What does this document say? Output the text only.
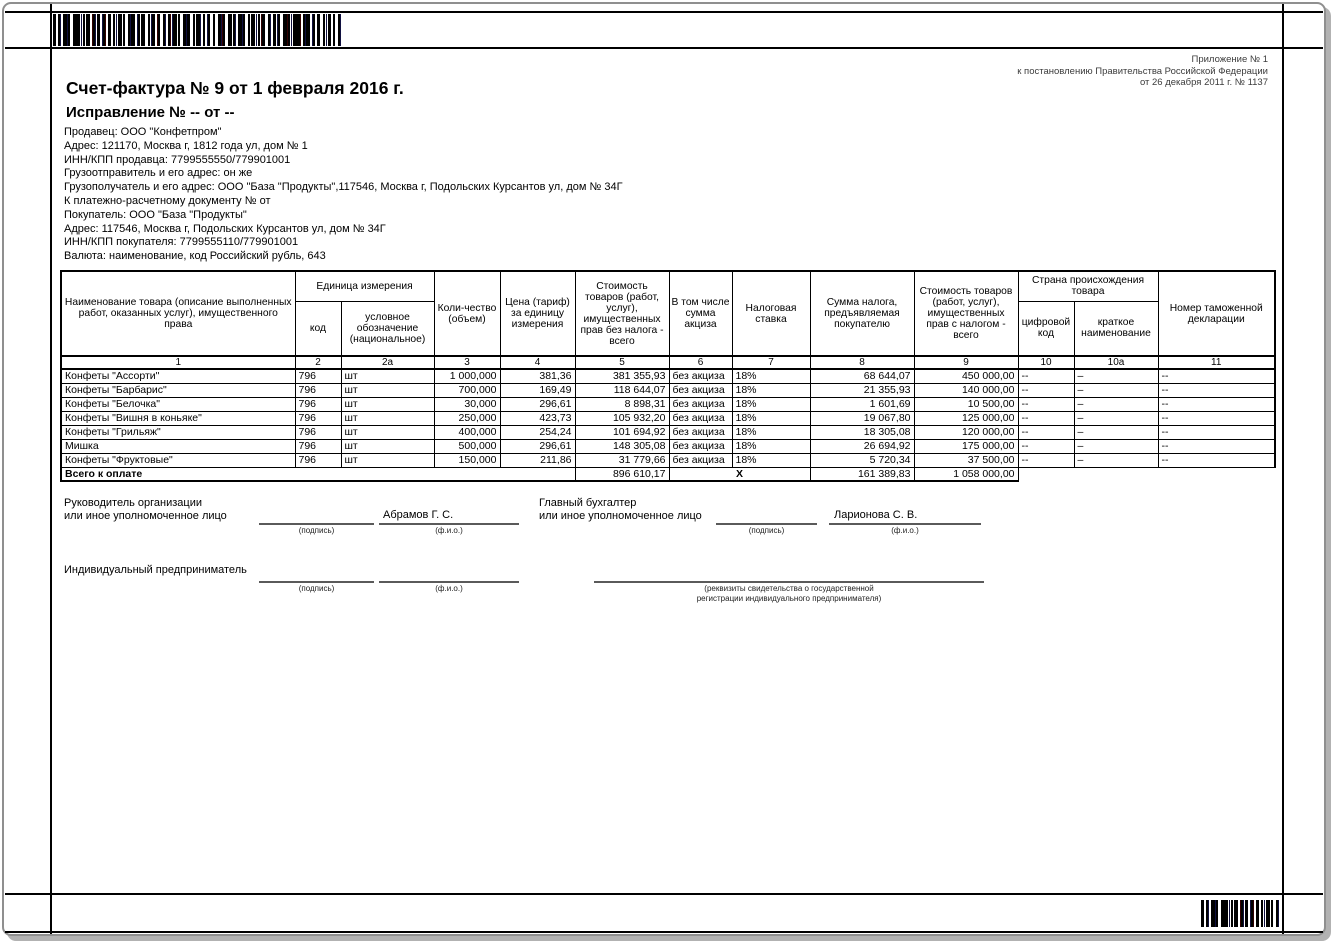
Приложение № 1
к постановлению Правительства Российской Федерации
от 26 декабря 2011 г. № 1137
Счет-фактура № 9 от 1 февраля 2016 г.
Исправление № -- от --
Продавец: ООО "Конфетпром"
Адрес: 121170, Москва г, 1812 года ул, дом № 1
ИНН/КПП продавца: 7799555550/779901001
Грузоотправитель и его адрес: он же
Грузополучатель и его адрес: ООО "База "Продукты",117546, Москва г, Подольских Курсантов ул, дом № 34Г
К платежно-расчетному документу № от
Покупатель: ООО "База "Продукты"
Адрес: 117546, Москва г, Подольских Курсантов ул, дом № 34Г
ИНН/КПП покупателя: 7799555110/779901001
Валюта: наименование, код Российский рубль, 643
Наименование товара (описание выполненных работ, оказанных услуг), имущественного права	Единица измерения		Коли-чество (объем)	Цена (тариф) за единицу измерения	Стоимость товаров (работ, услуг), имущественных прав без налога - всего	В том числе сумма акциза	Налоговая ставка	Сумма налога, предъявляемая покупателю	Стоимость товаров (работ, услуг), имущественных прав с налогом - всего	Страна происхождения товара		Номер таможенной декларации
	код	условное обозначение (национальное)								цифровой код	краткое наименование	
1	2	2а	3	4	5	6	7	8	9	10	10а	11
Конфеты "Ассорти"	796	шт	1 000,000	381,36	381 355,93	без акциза	18%	68 644,07	450 000,00	--	–	--
Конфеты "Барбарис"	796	шт	700,000	169,49	118 644,07	без акциза	18%	21 355,93	140 000,00	--	–	--
Конфеты "Белочка"	796	шт	30,000	296,61	8 898,31	без акциза	18%	1 601,69	10 500,00	--	–	--
Конфеты "Вишня в коньяке"	796	шт	250,000	423,73	105 932,20	без акциза	18%	19 067,80	125 000,00	--	–	--
Конфеты "Грильяж"	796	шт	400,000	254,24	101 694,92	без акциза	18%	18 305,08	120 000,00	--	–	--
Мишка	796	шт	500,000	296,61	148 305,08	без акциза	18%	26 694,92	175 000,00	--	–	--
Конфеты "Фруктовые"	796	шт	150,000	211,86	31 779,66	без акциза	18%	5 720,34	37 500,00	--	–	--
Всего к оплате					896 610,17	X		161 389,83	1 058 000,00			
Руководитель организации
или иное уполномоченное лицо
(подпись)
Абрамов Г. С.
(ф.и.о.)
Главный бухгалтер
или иное уполномоченное лицо
(подпись)
Ларионова С. В.
(ф.и.о.)
Индивидуальный предприниматель
(подпись)	(ф.и.о.)	(реквизиты свидетельства о государственной
регистрации индивидуального предпринимателя)
